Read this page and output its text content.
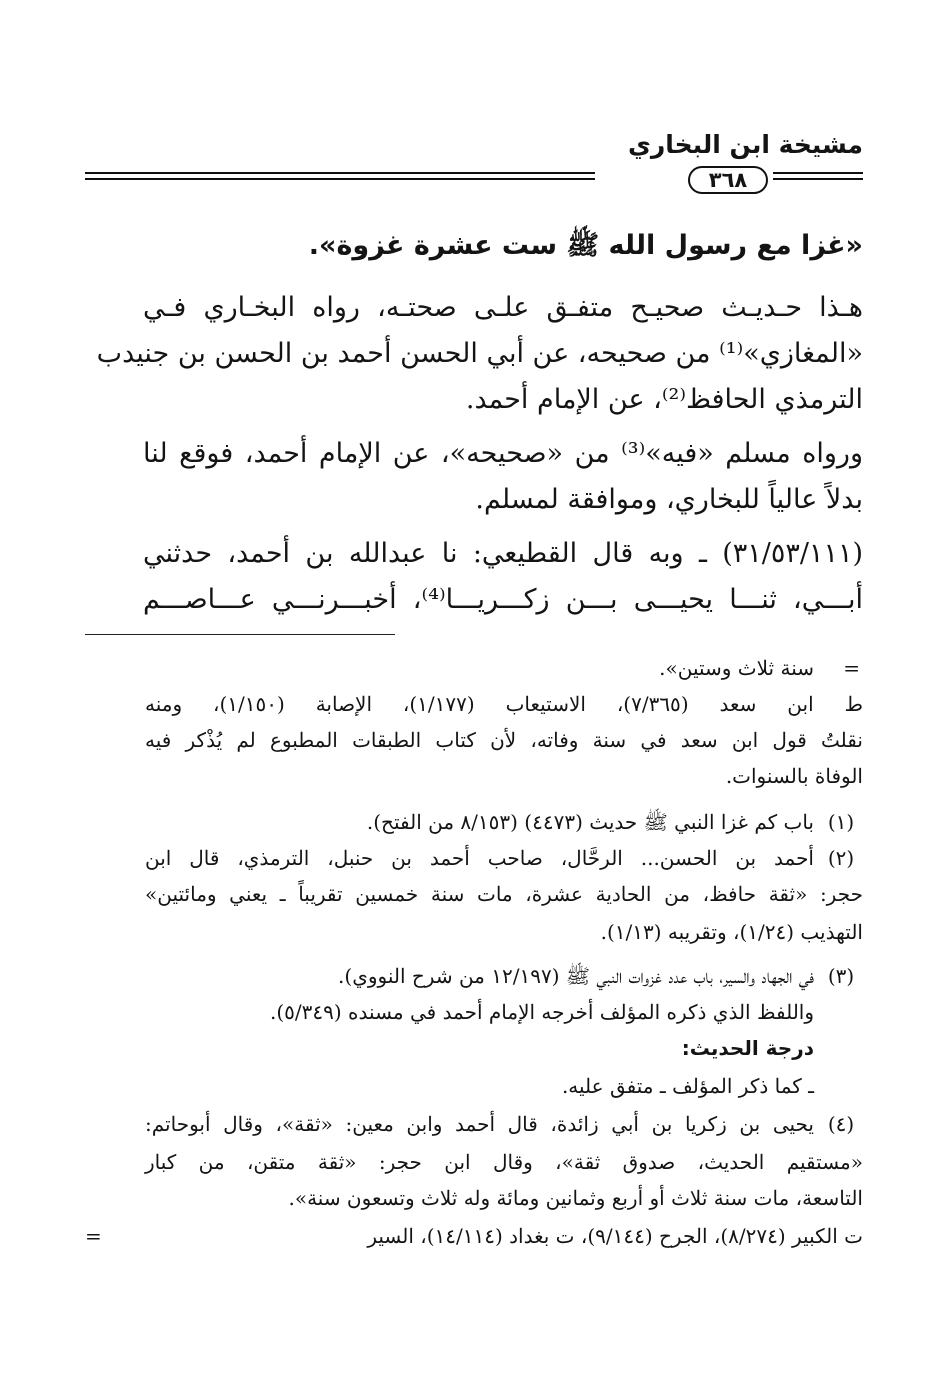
مشيخة ابن البخاري
٣٦٨
«غزا مع رسول الله ﷺ ست عشرة غزوة».
هـذا حـديـث صحيـح متفـق علـى صحتـه، رواه البخـاري فـي
«المغازي»⁽¹⁾ من صحيحه، عن أبي الحسن أحمد بن الحسن بن جنيدب
الترمذي الحافظ⁽²⁾، عن الإمام أحمد.
ورواه مسلم «فيه»⁽³⁾ من «صحيحه»، عن الإمام أحمد، فوقع لنا
بدلاً عالياً للبخاري، وموافقة لمسلم.
(٣١/٥٣/١١١) ـ وبه قال القطيعي: نا عبدالله بن أحمد، حدثني
أبـــي، ثنـــا يحيـــى بـــن زكـــريـــا⁽⁴⁾، أخبـــرنـــي عـــاصـــم
=
سنة ثلاث وستين».
ط ابن سعد (٧/٣٦٥)، الاستيعاب (١/١٧٧)، الإصابة (١/١٥٠)، ومنه
نقلتُ قول ابن سعد في سنة وفاته، لأن كتاب الطبقات المطبوع لم يُذْكر فيه
الوفاة بالسنوات.
(١)
باب كم غزا النبي ﷺ حديث (٤٤٧٣) (٨/١٥٣ من الفتح).
(٢)
أحمد بن الحسن... الرحَّال، صاحب أحمد بن حنبل، الترمذي، قال ابن
حجر: «ثقة حافظ، من الحادية عشرة، مات سنة خمسين تقريباً ـ يعني ومائتين»
التهذيب (١/٢٤)، وتقريبه (١/١٣).
(٣)
في الجهاد والسير، باب عدد غزوات النبي ﷺ (١٢/١٩٧ من شرح النووي).
واللفظ الذي ذكره المؤلف أخرجه الإمام أحمد في مسنده (٥/٣٤٩).
درجة الحديث:
ـ كما ذكر المؤلف ـ متفق عليه.
(٤)
يحيى بن زكريا بن أبي زائدة، قال أحمد وابن معين: «ثقة»، وقال أبوحاتم:
«مستقيم الحديث، صدوق ثقة»، وقال ابن حجر: «ثقة متقن، من كبار
التاسعة، مات سنة ثلاث أو أربع وثمانين ومائة وله ثلاث وتسعون سنة».
ت الكبير (٨/٢٧٤)، الجرح (٩/١٤٤)، ت بغداد (١٤/١١٤)، السير
=
